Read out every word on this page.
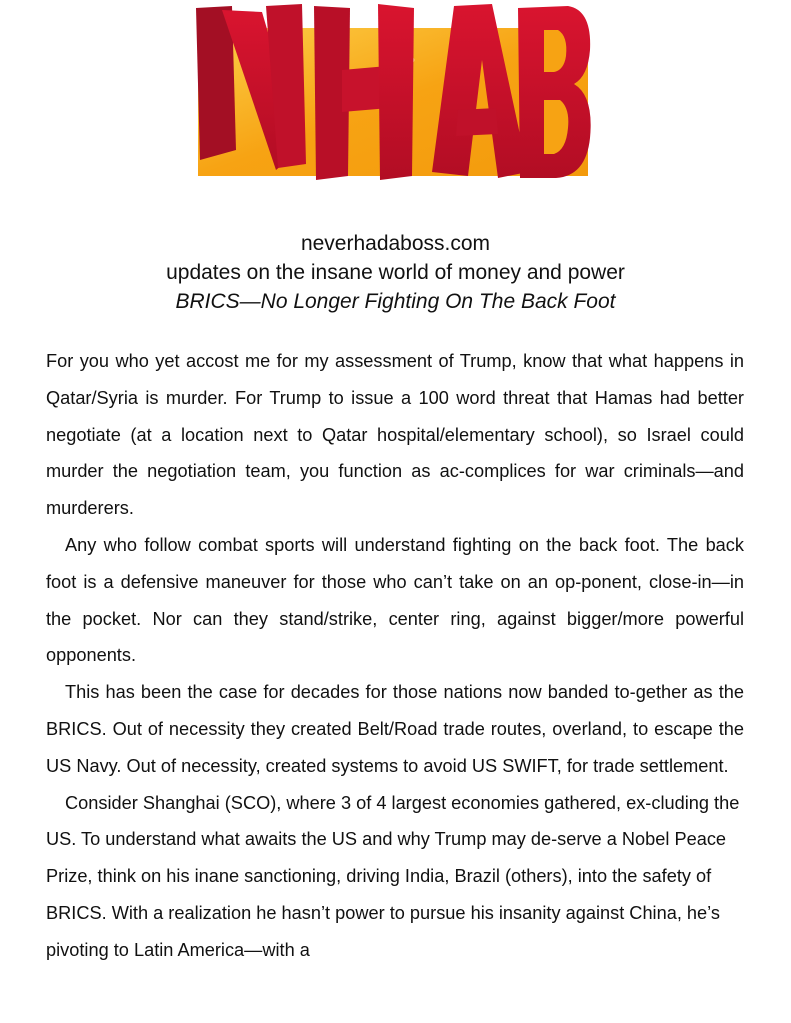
neverhadaboss.com
updates on the insane world of money and power
BRICS—No Longer Fighting On The Back Foot

For you who yet accost me for my assessment of Trump, know that what happens in Qatar/Syria is murder. For Trump to issue a 100 word threat that Hamas had better negotiate (at a location next to Qatar hospital/elementary school), so Israel could murder the negotiation team, you function as ac-complices for war criminals—and murderers.

Any who follow combat sports will understand fighting on the back foot. The back foot is a defensive maneuver for those who can’t take on an op-ponent, close-in—in the pocket. Nor can they stand/strike, center ring, against bigger/more powerful opponents.

This has been the case for decades for those nations now banded to-gether as the BRICS. Out of necessity they created Belt/Road trade routes, overland, to escape the US Navy. Out of necessity, created systems to avoid US SWIFT, for trade settlement.

Consider Shanghai (SCO), where 3 of 4 largest economies gathered, ex-cluding the US. To understand what awaits the US and why Trump may de-serve a Nobel Peace Prize, think on his inane sanctioning, driving India, Brazil (others), into the safety of BRICS. With a realization he hasn’t power to pursue his insanity against China, he’s pivoting to Latin America—with a
